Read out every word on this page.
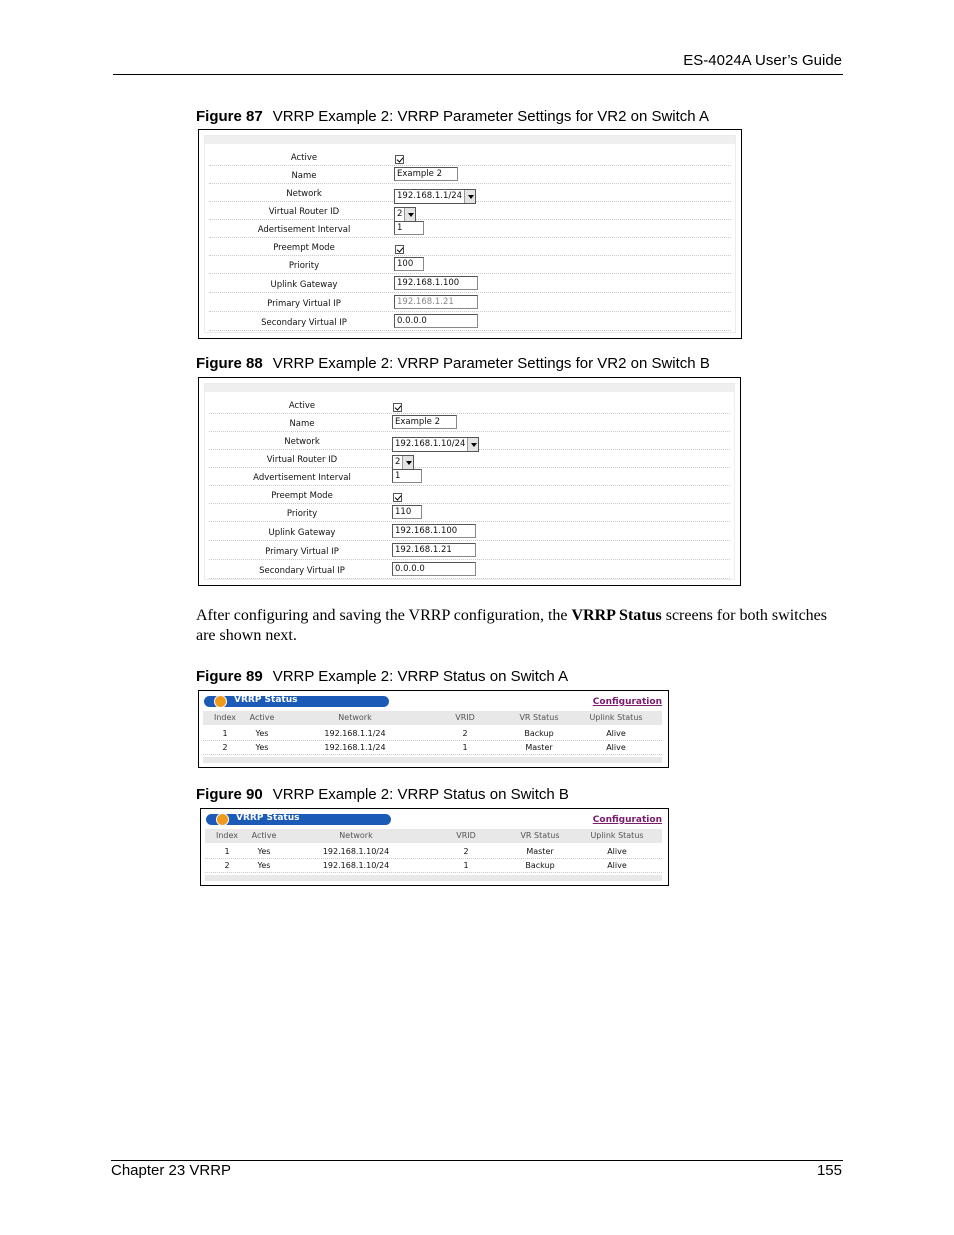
ES-4024A User’s Guide
Figure 87 VRRP Example 2: VRRP Parameter Settings for VR2 on Switch A
Active
Name	Example 2
Network	192.168.1.1/24
Virtual Router ID	2
Adertisement Interval	1
Preempt Mode
Priority	100
Uplink Gateway	192.168.1.100
Primary Virtual IP	192.168.1.21
Secondary Virtual IP	0.0.0.0
Figure 88 VRRP Example 2: VRRP Parameter Settings for VR2 on Switch B
Active
Name	Example 2
Network	192.168.1.10/24
Virtual Router ID	2
Advertisement Interval	1
Preempt Mode
Priority	110
Uplink Gateway	192.168.1.100
Primary Virtual IP	192.168.1.21
Secondary Virtual IP	0.0.0.0
After configuring and saving the VRRP configuration, the VRRP Status screens for both switches are shown next.
Figure 89 VRRP Example 2: VRRP Status on Switch A
VRRP Status	Configuration
Index Active	Network	VRID	VR Status	Uplink Status
1	Yes	192.168.1.1/24	2	Backup	Alive
2	Yes	192.168.1.1/24	1	Master	Alive
Figure 90 VRRP Example 2: VRRP Status on Switch B
VRRP Status	Configuration
Index Active	Network	VRID	VR Status	Uplink Status
1	Yes	192.168.1.10/24	2	Master	Alive
2	Yes	192.168.1.10/24	1	Backup	Alive
Chapter 23 VRRP	155
